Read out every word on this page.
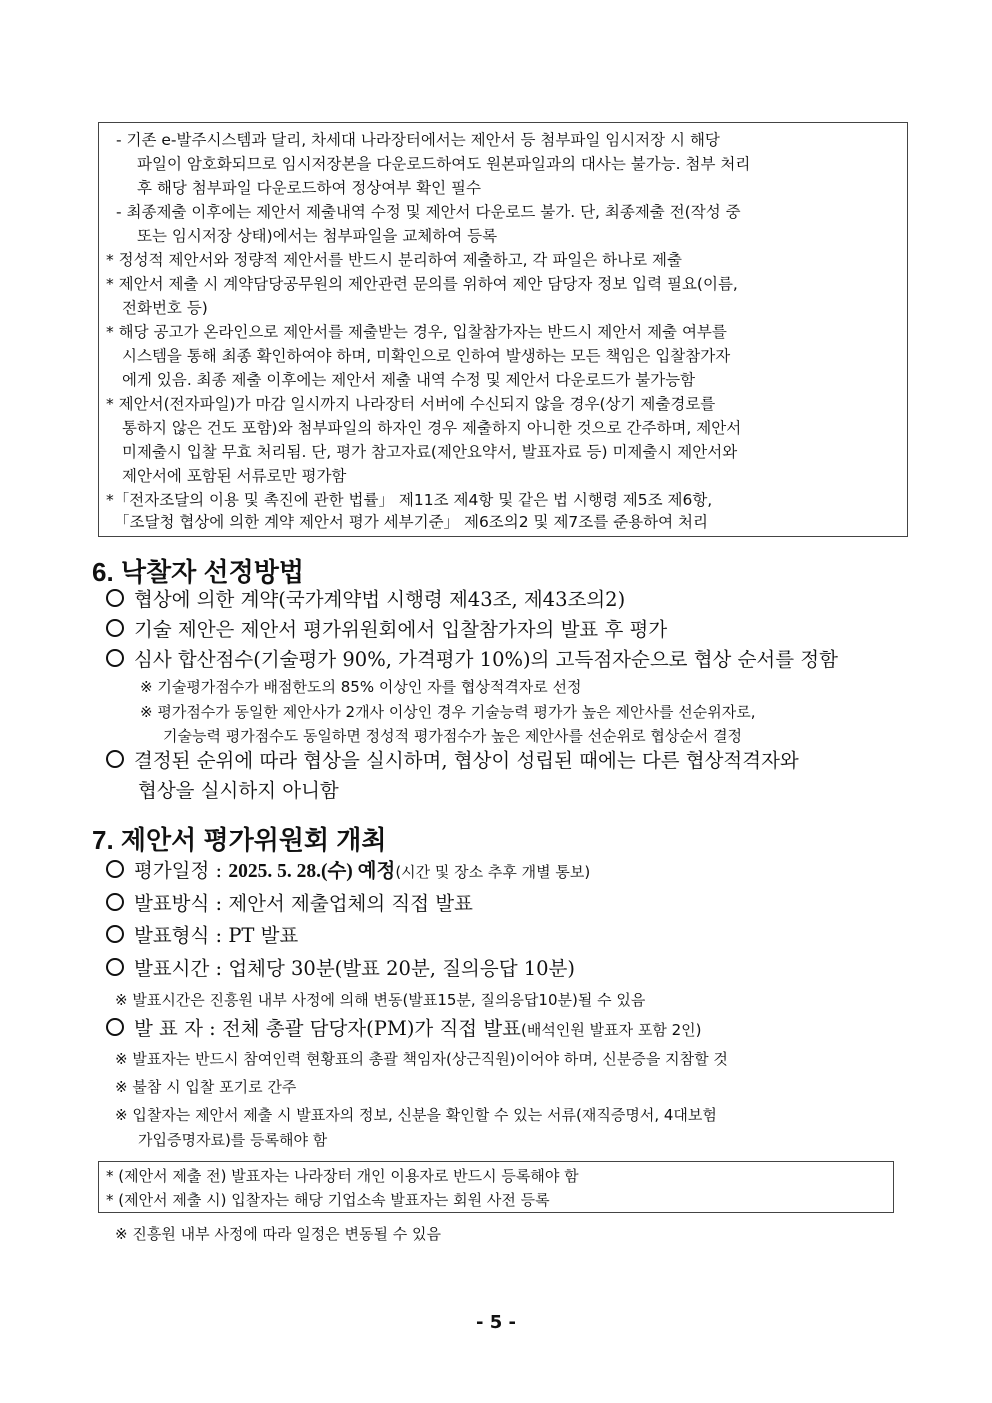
- 기존 e-발주시스템과 달리, 차세대 나라장터에서는 제안서 등 첨부파일 임시저장 시 해당
파일이 암호화되므로 임시저장본을 다운로드하여도 원본파일과의 대사는 불가능. 첨부 처리
후 해당 첨부파일 다운로드하여 정상여부 확인 필수
- 최종제출 이후에는 제안서 제출내역 수정 및 제안서 다운로드 불가. 단, 최종제출 전(작성 중
또는 임시저장 상태)에서는 첨부파일을 교체하여 등록
* 정성적 제안서와 정량적 제안서를 반드시 분리하여 제출하고, 각 파일은 하나로 제출
* 제안서 제출 시 계약담당공무원의 제안관련 문의를 위하여 제안 담당자 정보 입력 필요(이름,
전화번호 등)
* 해당 공고가 온라인으로 제안서를 제출받는 경우, 입찰참가자는 반드시 제안서 제출 여부를
시스템을 통해 최종 확인하여야 하며, 미확인으로 인하여 발생하는 모든 책임은 입찰참가자
에게 있음. 최종 제출 이후에는 제안서 제출 내역 수정 및 제안서 다운로드가 불가능함
* 제안서(전자파일)가 마감 일시까지 나라장터 서버에 수신되지 않을 경우(상기 제출경로를
통하지 않은 건도 포함)와 첨부파일의 하자인 경우 제출하지 아니한 것으로 간주하며, 제안서
미제출시 입찰 무효 처리됨. 단, 평가 참고자료(제안요약서, 발표자료 등) 미제출시 제안서와
제안서에 포함된 서류로만 평가함
*「전자조달의 이용 및 촉진에 관한 법률」 제11조 제4항 및 같은 법 시행령 제5조 제6항,
「조달청 협상에 의한 계약 제안서 평가 세부기준」 제6조의2 및 제7조를 준용하여 처리
6. 낙찰자 선정방법
협상에 의한 계약(국가계약법 시행령 제43조, 제43조의2)
기술 제안은 제안서 평가위원회에서 입찰참가자의 발표 후 평가
심사 합산점수(기술평가 90%, 가격평가 10%)의 고득점자순으로 협상 순서를 정함
※ 기술평가점수가 배점한도의 85% 이상인 자를 협상적격자로 선정
※ 평가점수가 동일한 제안사가 2개사 이상인 경우 기술능력 평가가 높은 제안사를 선순위자로,
기술능력 평가점수도 동일하면 정성적 평가점수가 높은 제안사를 선순위로 협상순서 결정
결정된 순위에 따라 협상을 실시하며, 협상이 성립된 때에는 다른 협상적격자와
협상을 실시하지 아니함
7. 제안서 평가위원회 개최
평가일정 : 2025. 5. 28.(수) 예정(시간 및 장소 추후 개별 통보)
발표방식 : 제안서 제출업체의 직접 발표
발표형식 : PT 발표
발표시간 : 업체당 30분(발표 20분, 질의응답 10분)
※ 발표시간은 진흥원 내부 사정에 의해 변동(발표15분, 질의응답10분)될 수 있음
발 표 자 : 전체 총괄 담당자(PM)가 직접 발표(배석인원 발표자 포함 2인)
※ 발표자는 반드시 참여인력 현황표의 총괄 책임자(상근직원)이어야 하며, 신분증을 지참할 것
※ 불참 시 입찰 포기로 간주
※ 입찰자는 제안서 제출 시 발표자의 정보, 신분을 확인할 수 있는 서류(재직증명서, 4대보험
가입증명자료)를 등록해야 함
* (제안서 제출 전) 발표자는 나라장터 개인 이용자로 반드시 등록해야 함
* (제안서 제출 시) 입찰자는 해당 기업소속 발표자는 회원 사전 등록
※ 진흥원 내부 사정에 따라 일정은 변동될 수 있음
- 5 -
